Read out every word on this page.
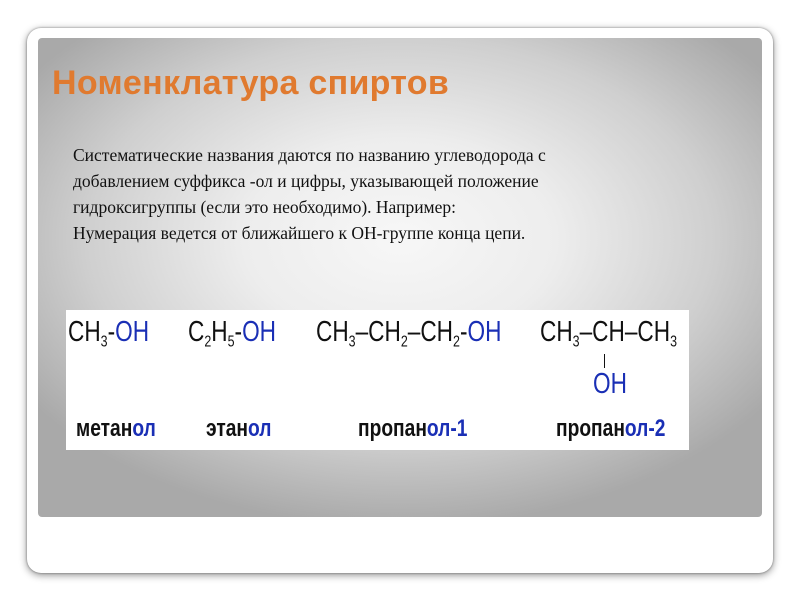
Номенклатура спиртов
Систематические названия даются по названию углеводорода с
добавлением суффикса -ол и цифры, указывающей положение
гидроксигруппы (если это необходимо). Например:
Нумерация ведется от ближайшего к ОН-группе конца цепи.
$CH_3-OH$
метанол
$C_2H_5-OH$
этанол
$CH_3-CH_2-CH_2-OH$
пропанол-1
$CH_3-CH-CH_3$
OH
пропанол-2
